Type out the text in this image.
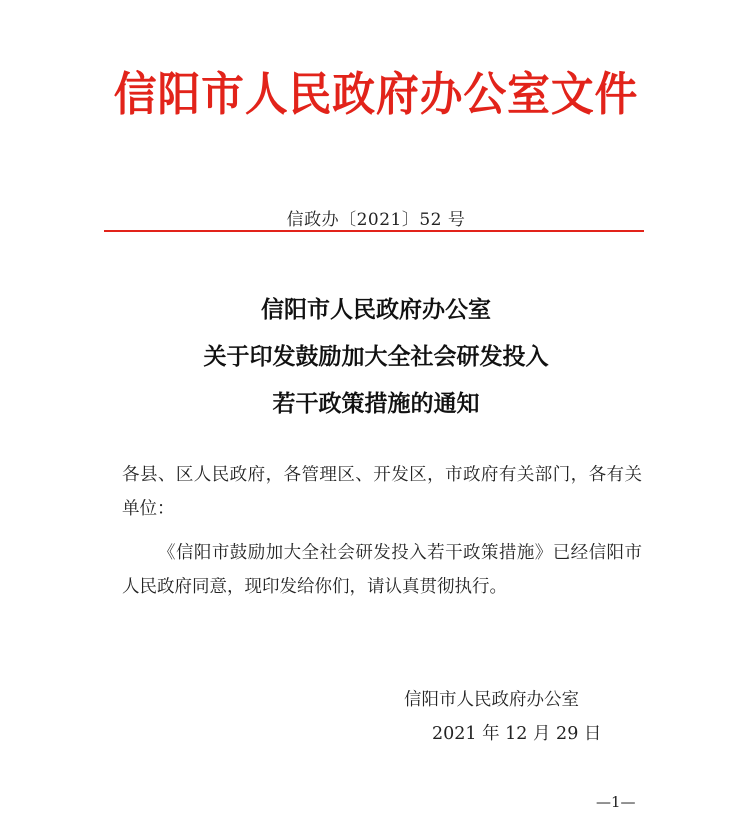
信阳市人民政府办公室文件
信政办〔2021〕52 号
信阳市人民政府办公室
关于印发鼓励加大全社会研发投入
若干政策措施的通知
各县、区人民政府，各管理区、开发区，市政府有关部门，各有关单位：
《信阳市鼓励加大全社会研发投入若干政策措施》已经信阳市人民政府同意，现印发给你们，请认真贯彻执行。
信阳市人民政府办公室
2021 年 12 月 29 日
—1—
